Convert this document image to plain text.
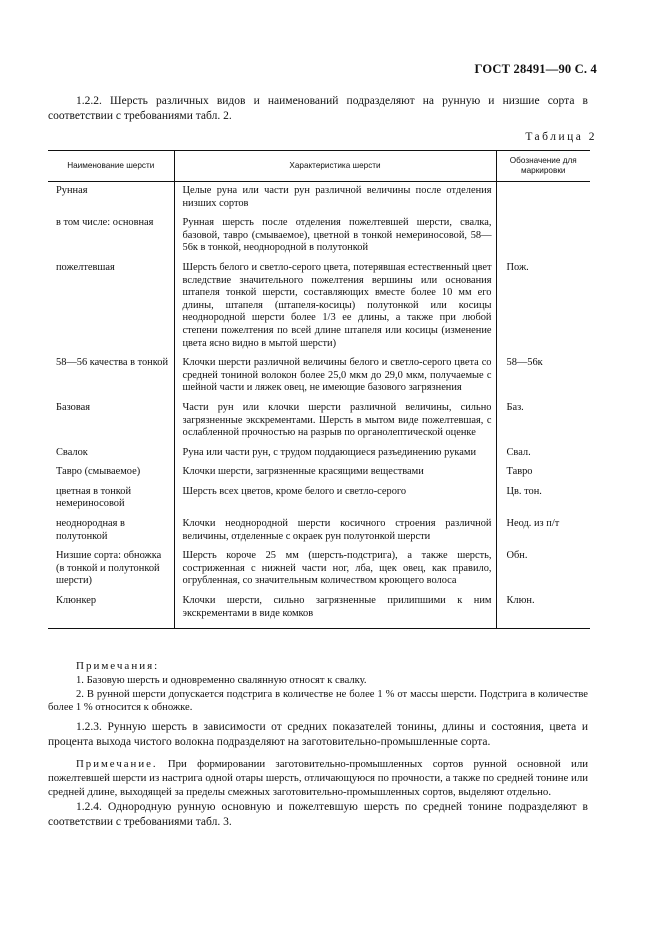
ГОСТ 28491—90 С. 4
1.2.2. Шерсть различных видов и наименований подразделяют на рунную и низшие сорта в соответствии с требованиями табл. 2.
Таблица 2
Наименование шерсти	Характеристика шерсти	Обозначение для маркировки
Рунная	Целые руна или части рун различной величины после отделения низших сортов	
в том числе: основная	Рунная шерсть после отделения пожелтевшей шерсти, свалка, базовой, тавро (смываемое), цветной в тонкой немериносовой, 58—56к в тонкой, неоднородной в полутонкой	
пожелтевшая	Шерсть белого и светло-серого цвета, потерявшая естественный цвет вследствие значительного пожелтения вершины или основания штапеля тонкой шерсти, составляющих вместе более 10 мм его длины, штапеля (штапеля-косицы) полутонкой или косицы неоднородной шерсти более 1/3 ее длины, а также при любой степени пожелтения по всей длине штапеля или косицы (изменение цвета ясно видно в мытой шерсти)	Пож.
58—56 качества в тонкой	Клочки шерсти различной величины белого и светло-серого цвета со средней тониной волокон более 25,0 мкм до 29,0 мкм, получаемые с шейной части и ляжек овец, не имеющие базового загрязнения	58—56к
Базовая	Части рун или клочки шерсти различной величины, сильно загрязненные экскрементами. Шерсть в мытом виде пожелтевшая, с ослабленной прочностью на разрыв по органолептической оценке	Баз.
Свалок	Руна или части рун, с трудом поддающиеся разъединению руками	Свал.
Тавро (смываемое)	Клочки шерсти, загрязненные красящими веществами	Тавро
цветная в тонкой немериносовой	Шерсть всех цветов, кроме белого и светло-серого	Цв. тон.
неоднородная в полутонкой	Клочки неоднородной шерсти косичного строения различной величины, отделенные с окраек рун полутонкой шерсти	Неод. из п/т
Низшие сорта: обножка (в тонкой и полутонкой шерсти)	Шерсть короче 25 мм (шерсть-подстрига), а также шерсть, состриженная с нижней части ног, лба, щек овец, как правило, огрубленная, со значительным количеством кроющего волоса	Обн.
Клюнкер	Клочки шерсти, сильно загрязненные прилипшими к ним экскрементами в виде комков	Клюн.
Примечания:
1. Базовую шерсть и одновременно свалянную относят к свалку.
2. В рунной шерсти допускается подстрига в количестве не более 1 % от массы шерсти. Подстрига в количестве более 1 % относится к обножке.
1.2.3. Рунную шерсть в зависимости от средних показателей тонины, длины и состояния, цвета и процента выхода чистого волокна подразделяют на заготовительно-промышленные сорта.
Примечание. При формировании заготовительно-промышленных сортов рунной основной или пожелтевшей шерсти из настрига одной отары шерсть, отличающуюся по прочности, а также по средней тонине или средней длине, выходящей за пределы смежных заготовительно-промышленных сортов, выделяют отдельно.
1.2.4. Однородную рунную основную и пожелтевшую шерсть по средней тонине подразделяют в соответствии с требованиями табл. 3.
